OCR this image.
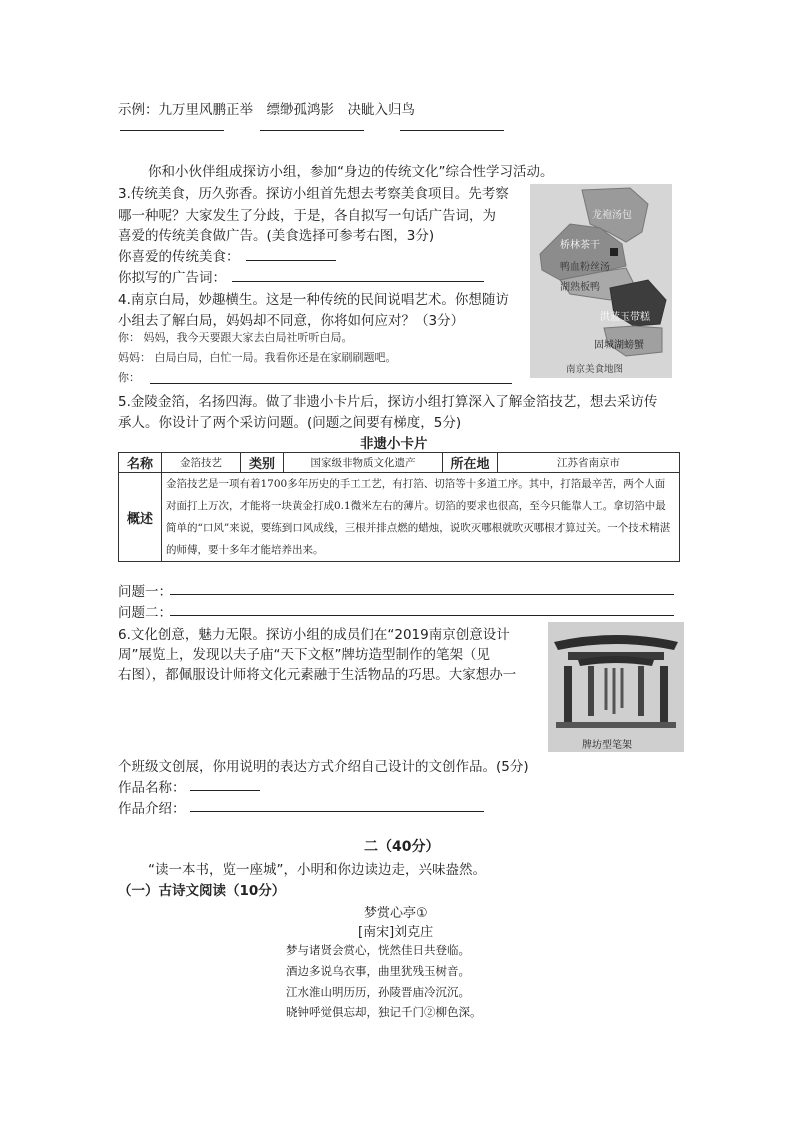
示例：九万里风鹏正举　缥缈孤鸿影　决眦入归鸟
你和小伙伴组成探访小组，参加“身边的传统文化”综合性学习活动。
3.传统美食，历久弥香。探访小组首先想去考察美食项目。先考察
哪一种呢？大家发生了分歧，于是，各自拟写一句话广告词，为
喜爱的传统美食做广告。(美食选择可参考右图，3分)
你喜爱的传统美食：
你拟写的广告词：
龙袍汤包
桥林茶干
鸭血粉丝汤
湖熟板鸭
洪蓝玉带糕
固城湖螃蟹
南京美食地图
4.南京白局，妙趣横生。这是一种传统的民间说唱艺术。你想随访
小组去了解白局，妈妈却不同意，你将如何应对？（3分）
你： 妈妈，我今天要跟大家去白局社听听白局。
妈妈： 白局白局，白忙一局。我看你还是在家刷刷题吧。
你：
5.金陵金箔，名扬四海。做了非遗小卡片后，探访小组打算深入了解金箔技艺，想去采访传
承人。你设计了两个采访问题。(问题之间要有梯度，5分)
非遗小卡片
名称	金箔技艺	类别	国家级非物质文化遗产	所在地	江苏省南京市
概述	金箔技艺是一项有着1700多年历史的手工工艺，有打箔、切箔等十多道工序。其中，打箔最辛苦，两个人面对面打上万次，才能将一块黄金打成0.1微米左右的薄片。切箔的要求也很高，至今只能靠人工。拿切箔中最简单的“口风”来说，要练到口风成线，三根并排点燃的蜡烛，说吹灭哪根就吹灭哪根才算过关。一个技术精湛的师傅，要十多年才能培养出来。				
问题一：
问题二：
6.文化创意，魅力无限。探访小组的成员们在“2019南京创意设计
周”展览上，发现以夫子庙“天下文枢”牌坊造型制作的笔架（见
右图），都佩服设计师将文化元素融于生活物品的巧思。大家想办一
牌坊型笔架
个班级文创展，你用说明的表达方式介绍自己设计的文创作品。(5分)
作品名称：
作品介绍：
二（40分）
“读一本书，览一座城”，小明和你边读边走，兴味盎然。
（一）古诗文阅读（10分）
梦赏心亭①
[南宋]刘克庄
梦与诸贤会赏心，恍然佳日共登临。
酒边多说乌衣事，曲里犹残玉树音。
江水淮山明历历，孙陵晋庙冷沉沉。
晓钟呼觉俱忘却，独记千门②柳色深。
